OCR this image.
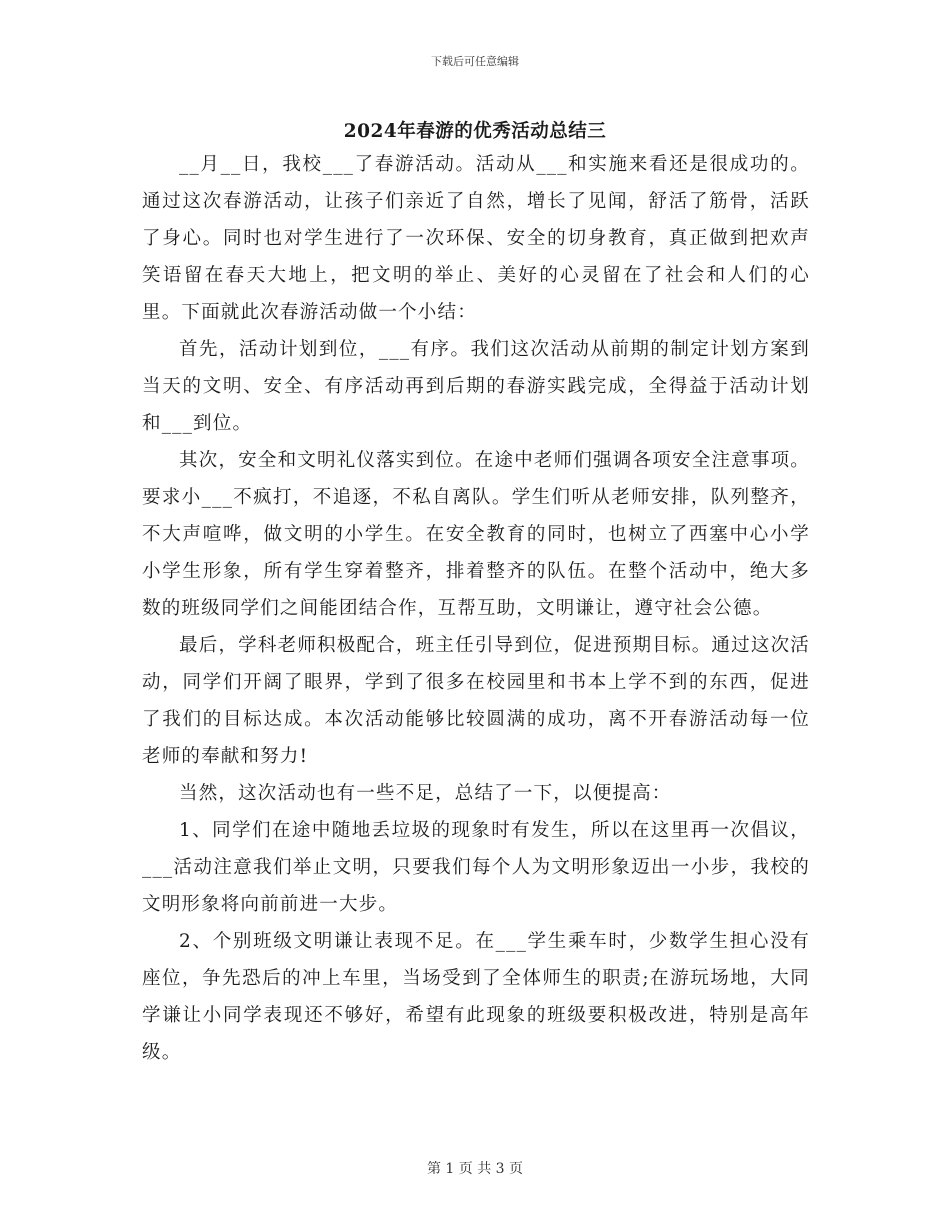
下载后可任意编辑
2024年春游的优秀活动总结三

__月__日，我校___了春游活动。活动从___和实施来看还是很成功的。通过这次春游活动，让孩子们亲近了自然，增长了见闻，舒活了筋骨，活跃了身心。同时也对学生进行了一次环保、安全的切身教育，真正做到把欢声笑语留在春天大地上，把文明的举止、美好的心灵留在了社会和人们的心里。下面就此次春游活动做一个小结：

首先，活动计划到位，___有序。我们这次活动从前期的制定计划方案到当天的文明、安全、有序活动再到后期的春游实践完成，全得益于活动计划和___到位。

其次，安全和文明礼仪落实到位。在途中老师们强调各项安全注意事项。要求小___不疯打，不追逐，不私自离队。学生们听从老师安排，队列整齐，不大声喧哗，做文明的小学生。在安全教育的同时，也树立了西塞中心小学小学生形象，所有学生穿着整齐，排着整齐的队伍。在整个活动中，绝大多数的班级同学们之间能团结合作，互帮互助，文明谦让，遵守社会公德。

最后，学科老师积极配合，班主任引导到位，促进预期目标。通过这次活动，同学们开阔了眼界，学到了很多在校园里和书本上学不到的东西，促进了我们的目标达成。本次活动能够比较圆满的成功，离不开春游活动每一位老师的奉献和努力!

当然，这次活动也有一些不足，总结了一下，以便提高：

1、同学们在途中随地丢垃圾的现象时有发生，所以在这里再一次倡议，___活动注意我们举止文明，只要我们每个人为文明形象迈出一小步，我校的文明形象将向前前进一大步。

2、个别班级文明谦让表现不足。在___学生乘车时，少数学生担心没有座位，争先恐后的冲上车里，当场受到了全体师生的职责;在游玩场地，大同学谦让小同学表现还不够好，希望有此现象的班级要积极改进，特别是高年级。

第 1 页 共 3 页
